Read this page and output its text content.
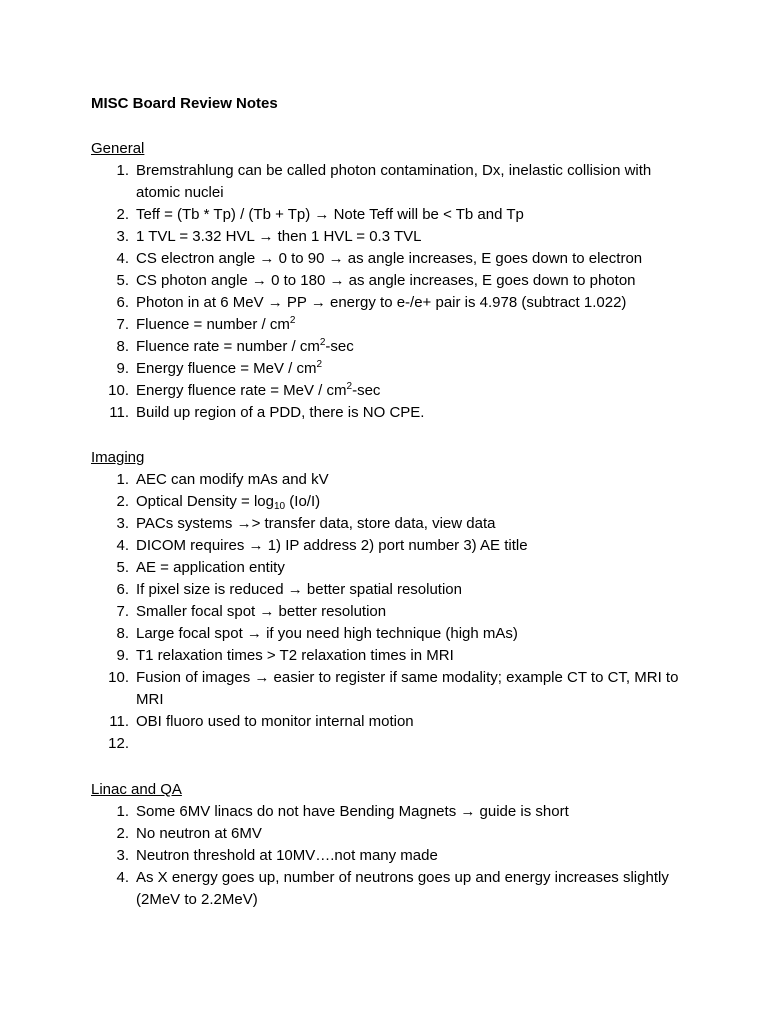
MISC Board Review Notes
General
1. Bremstrahlung can be called photon contamination, Dx, inelastic collision with atomic nuclei
2. Teff = (Tb * Tp) / (Tb + Tp) → Note Teff will be < Tb and Tp
3. 1 TVL = 3.32 HVL → then 1 HVL = 0.3 TVL
4. CS electron angle → 0 to 90 → as angle increases, E goes down to electron
5. CS photon angle → 0 to 180 → as angle increases, E goes down to photon
6. Photon in at 6 MeV → PP → energy to e-/e+ pair is 4.978 (subtract 1.022)
7. Fluence = number / $cm^2$
8. Fluence rate = number / $cm^2-\sec$
9. Energy fluence = MeV / $cm^2$
10. Energy fluence rate = MeV / $cm^2-\sec$
11. Build up region of a PDD, there is NO CPE.
Imaging
1. AEC can modify mAs and kV
2. Optical Density = $\log_{10} (Io/I)$
3. PACs systems →> transfer data, store data, view data
4. DICOM requires → 1) IP address 2) port number 3) AE title
5. AE = application entity
6. If pixel size is reduced → better spatial resolution
7. Smaller focal spot → better resolution
8. Large focal spot → if you need high technique (high mAs)
9. T1 relaxation times > T2 relaxation times in MRI
10. Fusion of images → easier to register if same modality; example CT to CT, MRI to MRI
11. OBI fluoro used to monitor internal motion
12.
Linac and QA
1. Some 6MV linacs do not have Bending Magnets → guide is short
2. No neutron at 6MV
3. Neutron threshold at 10MV….not many made
4. As X energy goes up, number of neutrons goes up and energy increases slightly (2MeV to 2.2MeV)
